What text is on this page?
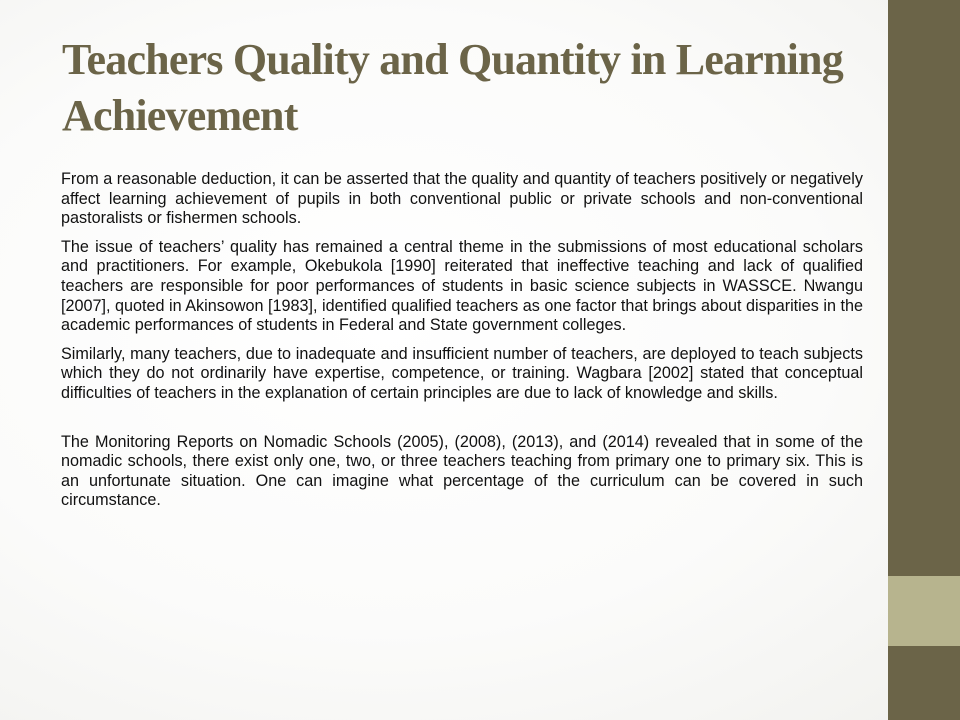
Teachers Quality and Quantity in Learning Achievement

From a reasonable deduction, it can be asserted that the quality and quantity of teachers positively or negatively affect learning achievement of pupils in both conventional public or private schools and non-conventional pastoralists or fishermen schools.

The issue of teachers’ quality has remained a central theme in the submissions of most educational scholars and practitioners. For example, Okebukola [1990] reiterated that ineffective teaching and lack of qualified teachers are responsible for poor performances of students in basic science subjects in WASSCE. Nwangu [2007], quoted in Akinsowon [1983], identified qualified teachers as one factor that brings about disparities in the academic performances of students in Federal and State government colleges.

Similarly, many teachers, due to inadequate and insufficient number of teachers, are deployed to teach subjects which they do not ordinarily have expertise, competence, or training. Wagbara [2002] stated that conceptual difficulties of teachers in the explanation of certain principles are due to lack of knowledge and skills.

The Monitoring Reports on Nomadic Schools (2005), (2008), (2013), and (2014) revealed that in some of the nomadic schools, there exist only one, two, or three teachers teaching from primary one to primary six. This is an unfortunate situation. One can imagine what percentage of the curriculum can be covered in such circumstance.
